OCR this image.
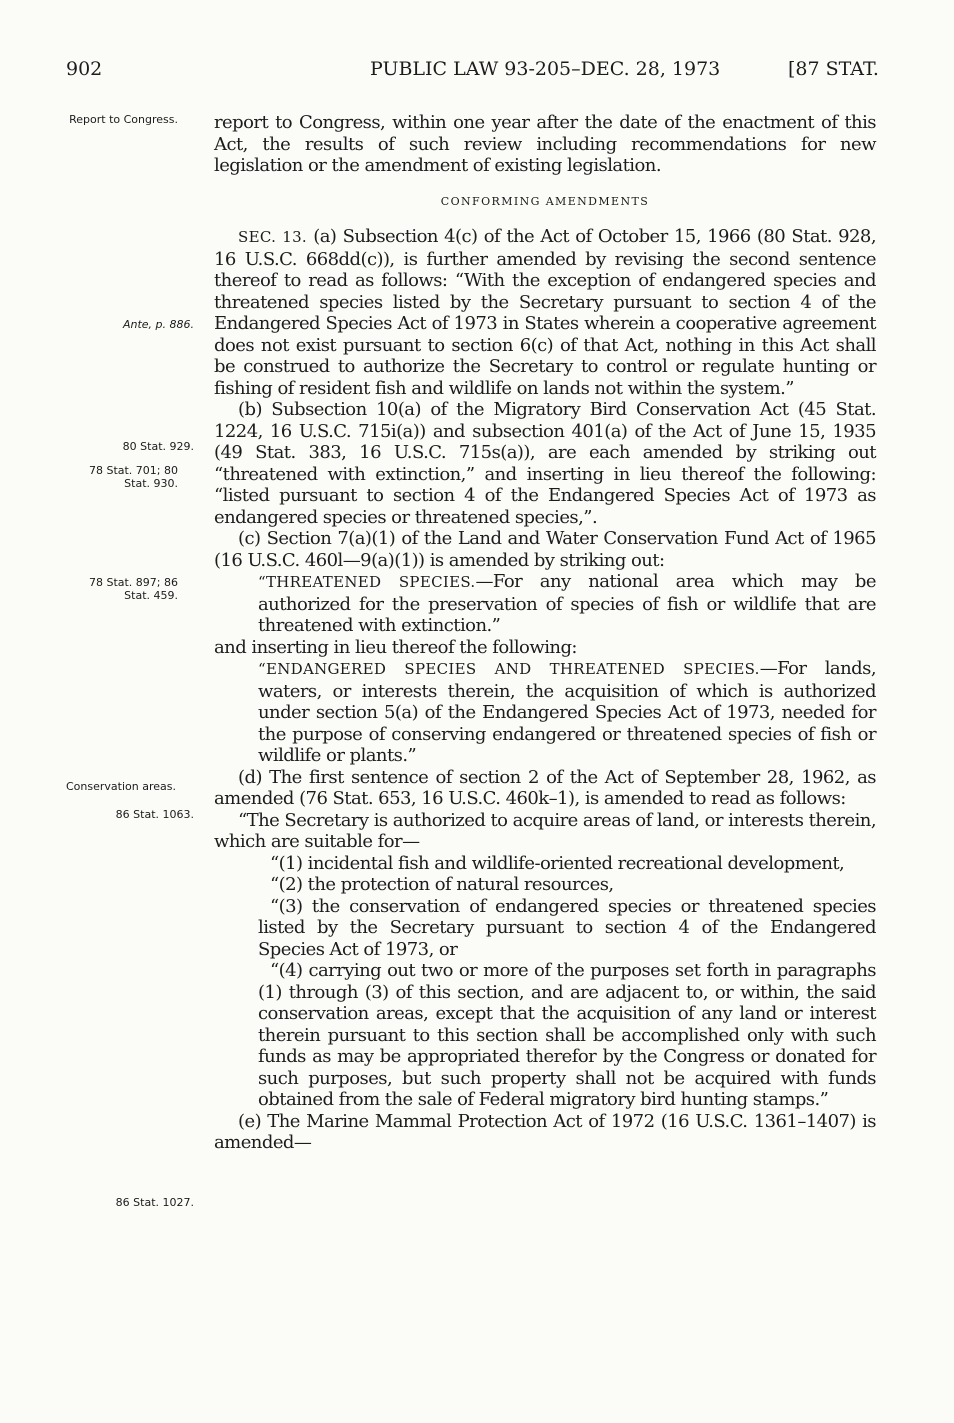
902	PUBLIC LAW 93-205–DEC. 28, 1973	[87 STAT.
Report to Congress.
Ante, p. 886.
80 Stat. 929.
78 Stat. 701; 80 Stat. 930.
78 Stat. 897; 86 Stat. 459.
Conservation areas.
86 Stat. 1063.
86 Stat. 1027.

report to Congress, within one year after the date of the enactment of this Act, the results of such review including recommendations for new legislation or the amendment of existing legislation.

CONFORMING AMENDMENTS

SEC. 13. (a) Subsection 4(c) of the Act of October 15, 1966 (80 Stat. 928, 16 U.S.C. 668dd(c)), is further amended by revising the second sentence thereof to read as follows: “With the exception of endangered species and threatened species listed by the Secretary pursuant to section 4 of the Endangered Species Act of 1973 in States wherein a cooperative agreement does not exist pursuant to section 6(c) of that Act, nothing in this Act shall be construed to authorize the Secretary to control or regulate hunting or fishing of resident fish and wildlife on lands not within the system.”

(b) Subsection 10(a) of the Migratory Bird Conservation Act (45 Stat. 1224, 16 U.S.C. 715i(a)) and subsection 401(a) of the Act of June 15, 1935 (49 Stat. 383, 16 U.S.C. 715s(a)), are each amended by striking out “threatened with extinction,” and inserting in lieu thereof the following: “listed pursuant to section 4 of the Endangered Species Act of 1973 as endangered species or threatened species,”.

(c) Section 7(a)(1) of the Land and Water Conservation Fund Act of 1965 (16 U.S.C. 460l—9(a)(1)) is amended by striking out:

“THREATENED SPECIES.—For any national area which may be authorized for the preservation of species of fish or wildlife that are threatened with extinction.”

and inserting in lieu thereof the following:

“ENDANGERED SPECIES AND THREATENED SPECIES.—For lands, waters, or interests therein, the acquisition of which is authorized under section 5(a) of the Endangered Species Act of 1973, needed for the purpose of conserving endangered or threatened species of fish or wildlife or plants.”

(d) The first sentence of section 2 of the Act of September 28, 1962, as amended (76 Stat. 653, 16 U.S.C. 460k–1), is amended to read as follows:

“The Secretary is authorized to acquire areas of land, or interests therein, which are suitable for—

“(1) incidental fish and wildlife-oriented recreational development,

“(2) the protection of natural resources,

“(3) the conservation of endangered species or threatened species listed by the Secretary pursuant to section 4 of the Endangered Species Act of 1973, or

“(4) carrying out two or more of the purposes set forth in paragraphs (1) through (3) of this section, and are adjacent to, or within, the said conservation areas, except that the acquisition of any land or interest therein pursuant to this section shall be accomplished only with such funds as may be appropriated therefor by the Congress or donated for such purposes, but such property shall not be acquired with funds obtained from the sale of Federal migratory bird hunting stamps.”

(e) The Marine Mammal Protection Act of 1972 (16 U.S.C. 1361–1407) is amended—
